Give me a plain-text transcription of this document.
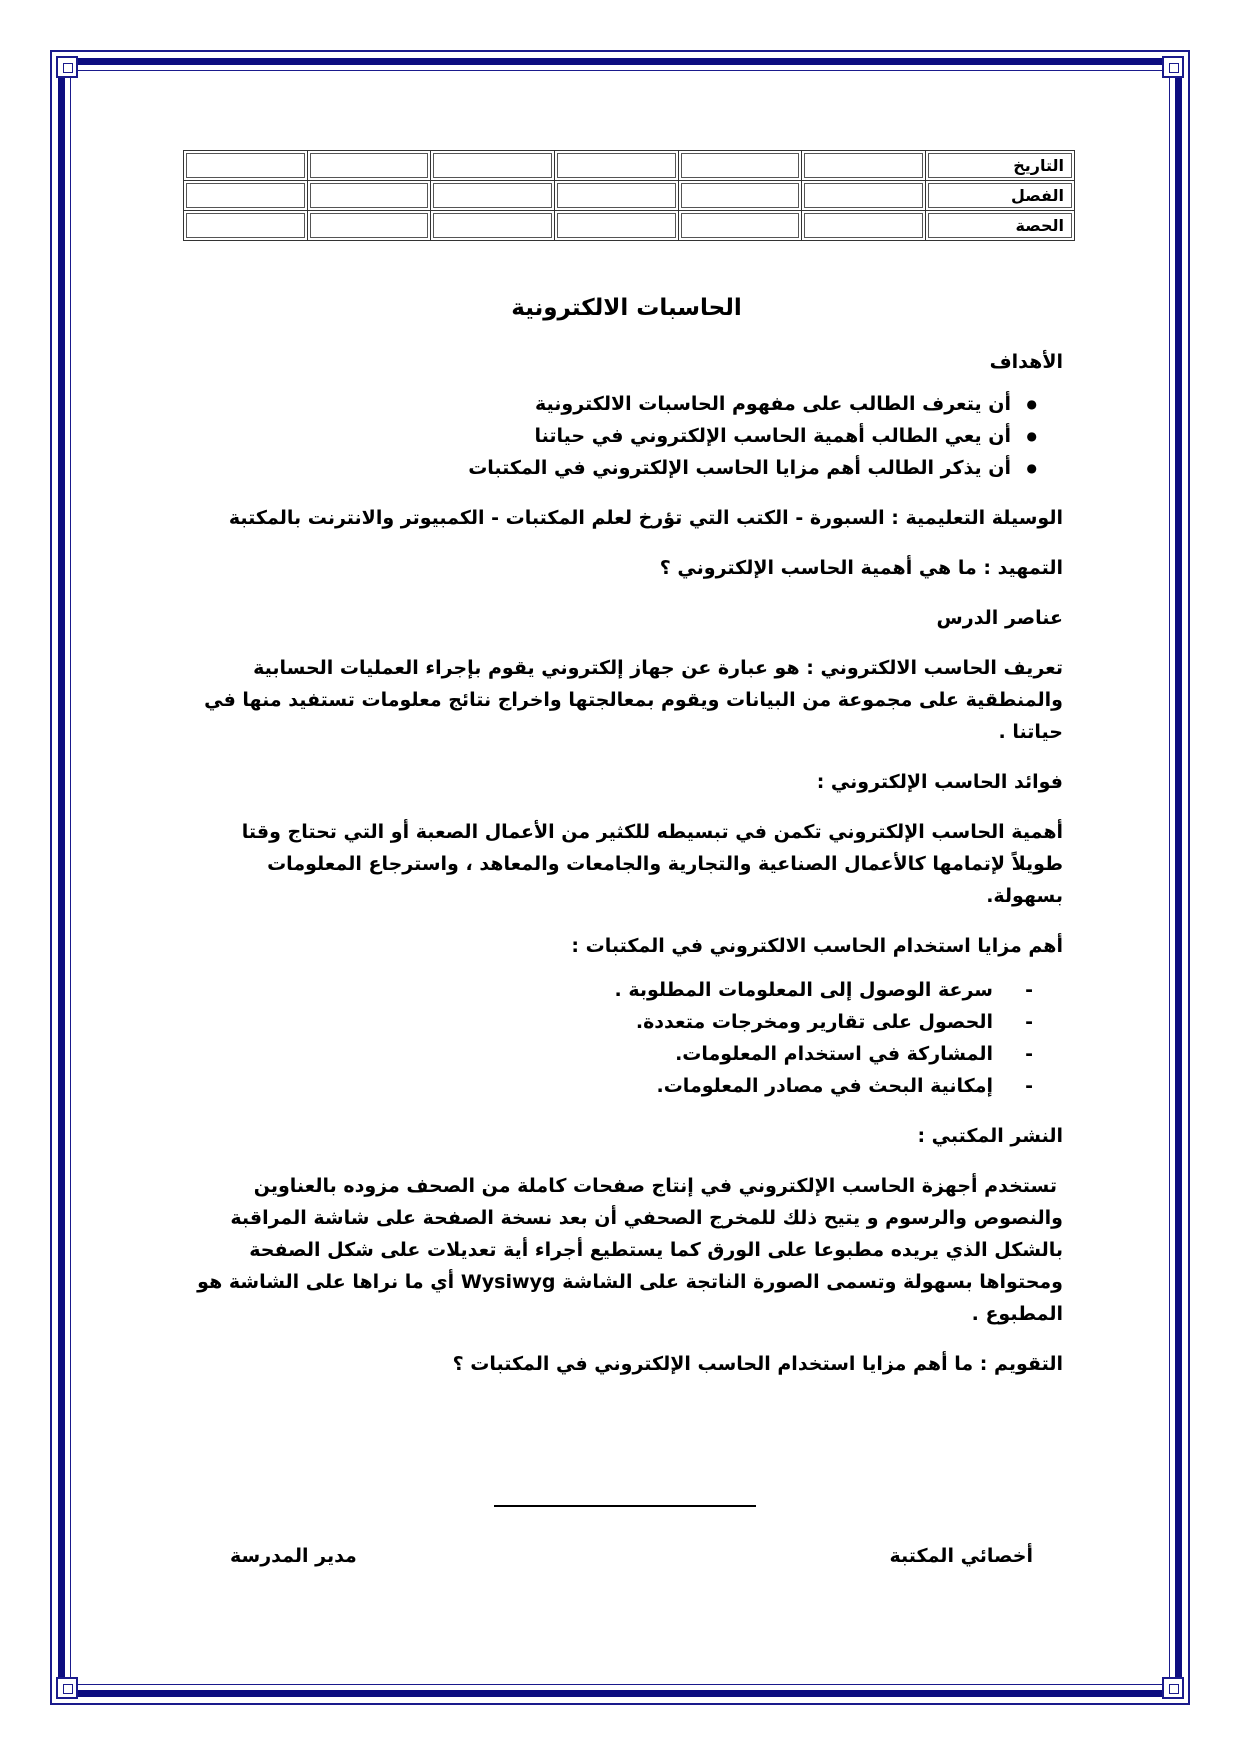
التاريخ						
الفصل						
الحصة						
الحاسبات الالكترونية
الأهداف
● أن يتعرف الطالب على مفهوم الحاسبات الالكترونية
● أن يعي الطالب أهمية الحاسب الإلكتروني في حياتنا
● أن يذكر الطالب أهم مزايا الحاسب الإلكتروني في المكتبات
الوسيلة التعليمية : السبورة - الكتب التي تؤرخ لعلم المكتبات - الكمبيوتر والانترنت بالمكتبة
التمهيد : ما هي أهمية الحاسب الإلكتروني ؟
عناصر الدرس
تعريف الحاسب الالكتروني : هو عبارة عن جهاز إلكتروني يقوم بإجراء العمليات الحسابية والمنطقية على مجموعة من البيانات ويقوم بمعالجتها واخراج نتائج معلومات تستفيد منها في حياتنا .
فوائد الحاسب الإلكتروني :
أهمية الحاسب الإلكتروني تكمن في تبسيطه للكثير من الأعمال الصعبة أو التي تحتاج وقتا طويلاً لإتمامها كالأعمال الصناعية والتجارية والجامعات والمعاهد ، واسترجاع المعلومات بسهولة.
أهم مزايا استخدام الحاسب الالكتروني في المكتبات :
- سرعة الوصول إلى المعلومات المطلوبة .
- الحصول على تقارير ومخرجات متعددة.
- المشاركة في استخدام المعلومات.
- إمكانية البحث في مصادر المعلومات.
النشر المكتبي :
تستخدم أجهزة الحاسب الإلكتروني في إنتاج صفحات كاملة من الصحف مزوده بالعناوين والنصوص والرسوم و يتيح ذلك للمخرج الصحفي أن بعد نسخة الصفحة على شاشة المراقبة بالشكل الذي يريده مطبوعا على الورق كما يستطيع أجراء أية تعديلات على شكل الصفحة ومحتواها بسهولة وتسمى الصورة الناتجة على الشاشة Wysiwyg أي ما نراها على الشاشة هو المطبوع .
التقويم : ما أهم مزايا استخدام الحاسب الإلكتروني في المكتبات ؟
أخصائي المكتبة
مدير المدرسة
